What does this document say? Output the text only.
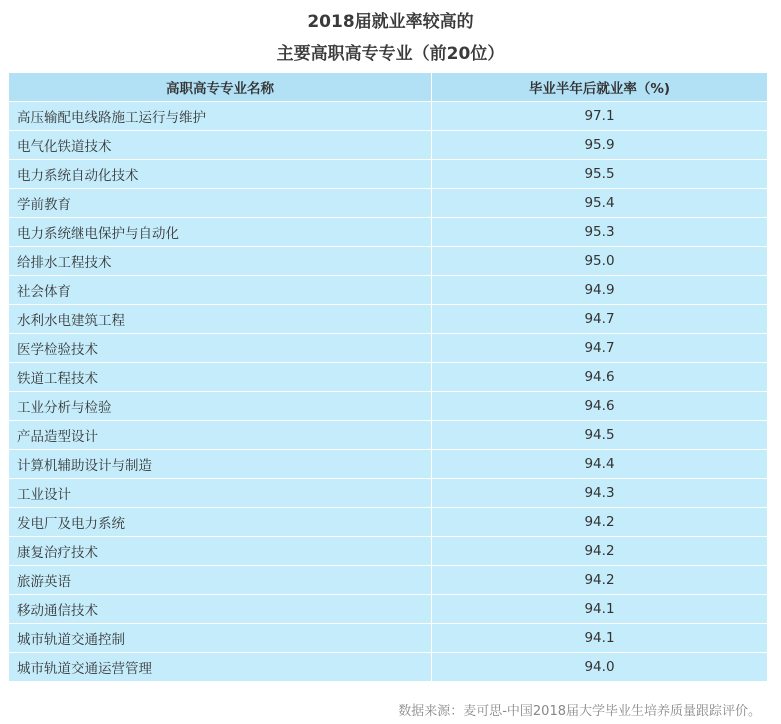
2018届就业率较高的
主要高职高专专业（前20位）
高职高专专业名称	毕业半年后就业率（%)
高压输配电线路施工运行与维护	97.1
电气化铁道技术	95.9
电力系统自动化技术	95.5
学前教育	95.4
电力系统继电保护与自动化	95.3
给排水工程技术	95.0
社会体育	94.9
水利水电建筑工程	94.7
医学检验技术	94.7
铁道工程技术	94.6
工业分析与检验	94.6
产品造型设计	94.5
计算机辅助设计与制造	94.4
工业设计	94.3
发电厂及电力系统	94.2
康复治疗技术	94.2
旅游英语	94.2
移动通信技术	94.1
城市轨道交通控制	94.1
城市轨道交通运营管理	94.0
数据来源：麦可思-中国2018届大学毕业生培养质量跟踪评价。
